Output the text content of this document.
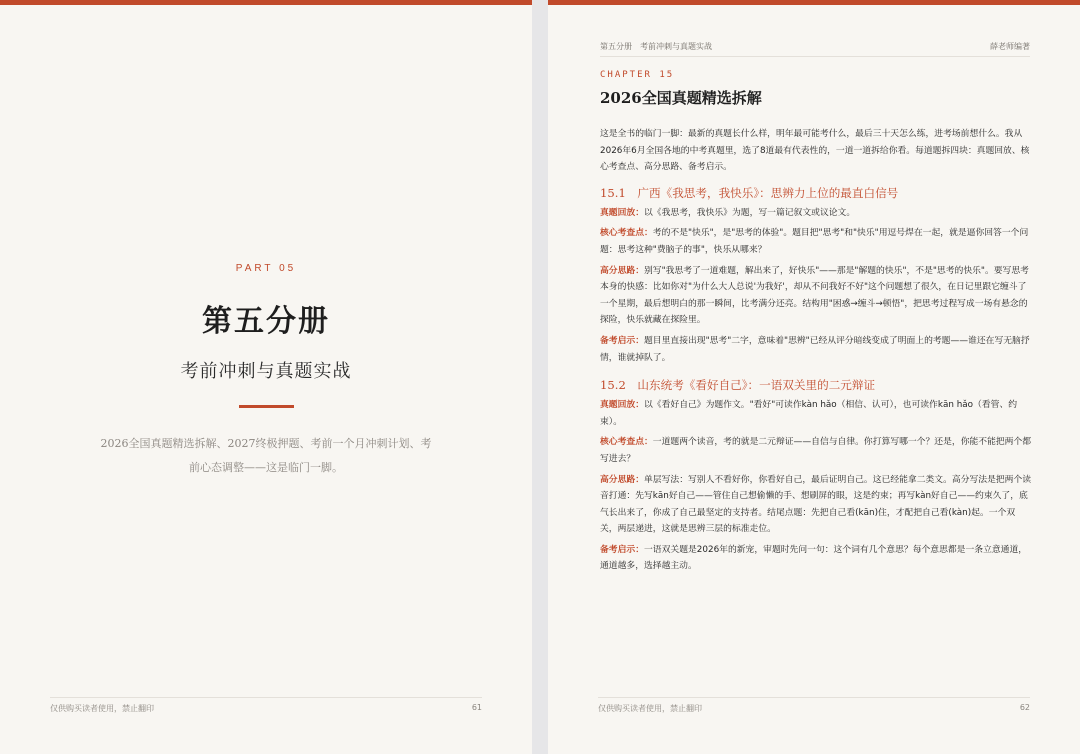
PART 05
第五分册
考前冲刺与真题实战
2026全国真题精选拆解、2027终极押题、考前一个月冲刺计划、考前心态调整——这是临门一脚。
仅供购买读者使用，禁止翻印	61
第五分册　考前冲刺与真题实战	薛老师编著
CHAPTER 15
2026全国真题精选拆解
这是全书的临门一脚：最新的真题长什么样，明年最可能考什么，最后三十天怎么练，进考场前想什么。我从2026年6月全国各地的中考真题里，选了8道最有代表性的，一道一道拆给你看。每道题拆四块：真题回放、核心考查点、高分思路、备考启示。
15.1　广西《我思考，我快乐》：思辨力上位的最直白信号
真题回放：以《我思考，我快乐》为题，写一篇记叙文或议论文。
核心考查点：考的不是"快乐"，是"思考的体验"。题目把"思考"和"快乐"用逗号焊在一起，就是逼你回答一个问题：思考这种"费脑子的事"，快乐从哪来？
高分思路：别写"我思考了一道难题，解出来了，好快乐"——那是"解题的快乐"，不是"思考的快乐"。要写思考本身的快感：比如你对"为什么大人总说'为我好'，却从不问我好不好"这个问题想了很久，在日记里跟它缠斗了一个星期，最后想明白的那一瞬间，比考满分还亮。结构用"困惑→缠斗→顿悟"，把思考过程写成一场有悬念的探险，快乐就藏在探险里。
备考启示：题目里直接出现"思考"二字，意味着"思辨"已经从评分暗线变成了明面上的考题——谁还在写无脑抒情，谁就掉队了。
15.2　山东统考《看好自己》：一语双关里的二元辩证
真题回放：以《看好自己》为题作文。"看好"可读作kàn hǎo（相信、认可），也可读作kān hǎo（看管、约束）。
核心考查点：一道题两个读音，考的就是二元辩证——自信与自律。你打算写哪一个？还是，你能不能把两个都写进去？
高分思路：单层写法：写别人不看好你，你看好自己，最后证明自己。这已经能拿二类文。高分写法是把两个读音打通：先写kān好自己——管住自己想偷懒的手、想刷屏的眼，这是约束；再写kàn好自己——约束久了，底气长出来了，你成了自己最坚定的支持者。结尾点题：先把自己看(kān)住，才配把自己看(kàn)起。一个双关，两层递进，这就是思辨三层的标准走位。
备考启示：一语双关题是2026年的新宠，审题时先问一句：这个词有几个意思？每个意思都是一条立意通道，通道越多，选择越主动。
仅供购买读者使用，禁止翻印	62
